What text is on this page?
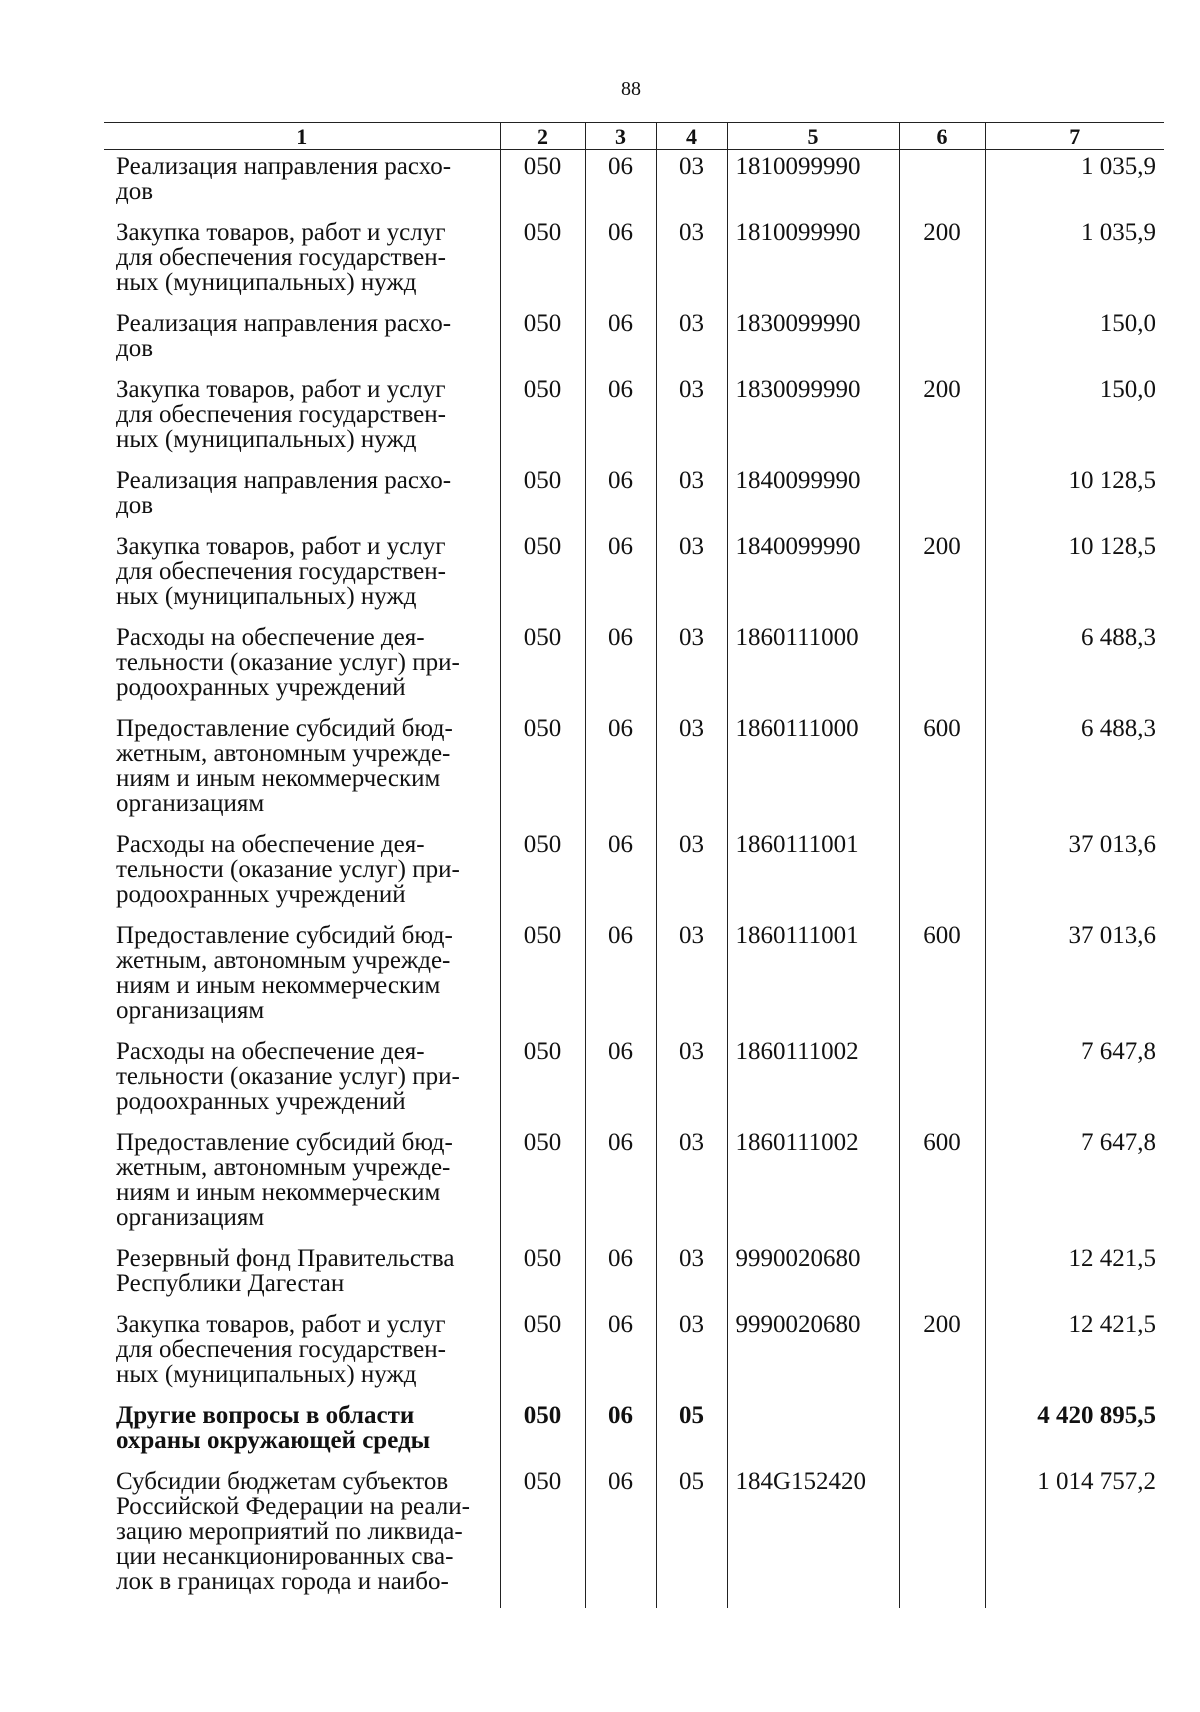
88
1	2	3	4	5	6	7
Реализация направления расхо-
дов	050	06	03	1810099990		1 035,9
Закупка товаров, работ и услуг
для обеспечения государствен-
ных (муниципальных) нужд	050	06	03	1810099990	200	1 035,9
Реализация направления расхо-
дов	050	06	03	1830099990		150,0
Закупка товаров, работ и услуг
для обеспечения государствен-
ных (муниципальных) нужд	050	06	03	1830099990	200	150,0
Реализация направления расхо-
дов	050	06	03	1840099990		10 128,5
Закупка товаров, работ и услуг
для обеспечения государствен-
ных (муниципальных) нужд	050	06	03	1840099990	200	10 128,5
Расходы на обеспечение дея-
тельности (оказание услуг) при-
родоохранных учреждений	050	06	03	1860111000		6 488,3
Предоставление субсидий бюд-
жетным, автономным учрежде-
ниям и иным некоммерческим
организациям	050	06	03	1860111000	600	6 488,3
Расходы на обеспечение дея-
тельности (оказание услуг) при-
родоохранных учреждений	050	06	03	1860111001		37 013,6
Предоставление субсидий бюд-
жетным, автономным учрежде-
ниям и иным некоммерческим
организациям	050	06	03	1860111001	600	37 013,6
Расходы на обеспечение дея-
тельности (оказание услуг) при-
родоохранных учреждений	050	06	03	1860111002		7 647,8
Предоставление субсидий бюд-
жетным, автономным учрежде-
ниям и иным некоммерческим
организациям	050	06	03	1860111002	600	7 647,8
Резервный фонд Правительства
Республики Дагестан	050	06	03	9990020680		12 421,5
Закупка товаров, работ и услуг
для обеспечения государствен-
ных (муниципальных) нужд	050	06	03	9990020680	200	12 421,5
Другие вопросы в области
охраны окружающей среды	050	06	05			4 420 895,5
Субсидии бюджетам субъектов
Российской Федерации на реали-
зацию мероприятий по ликвида-
ции несанкционированных сва-
лок в границах города и наибо-	050	06	05	184G152420		1 014 757,2
